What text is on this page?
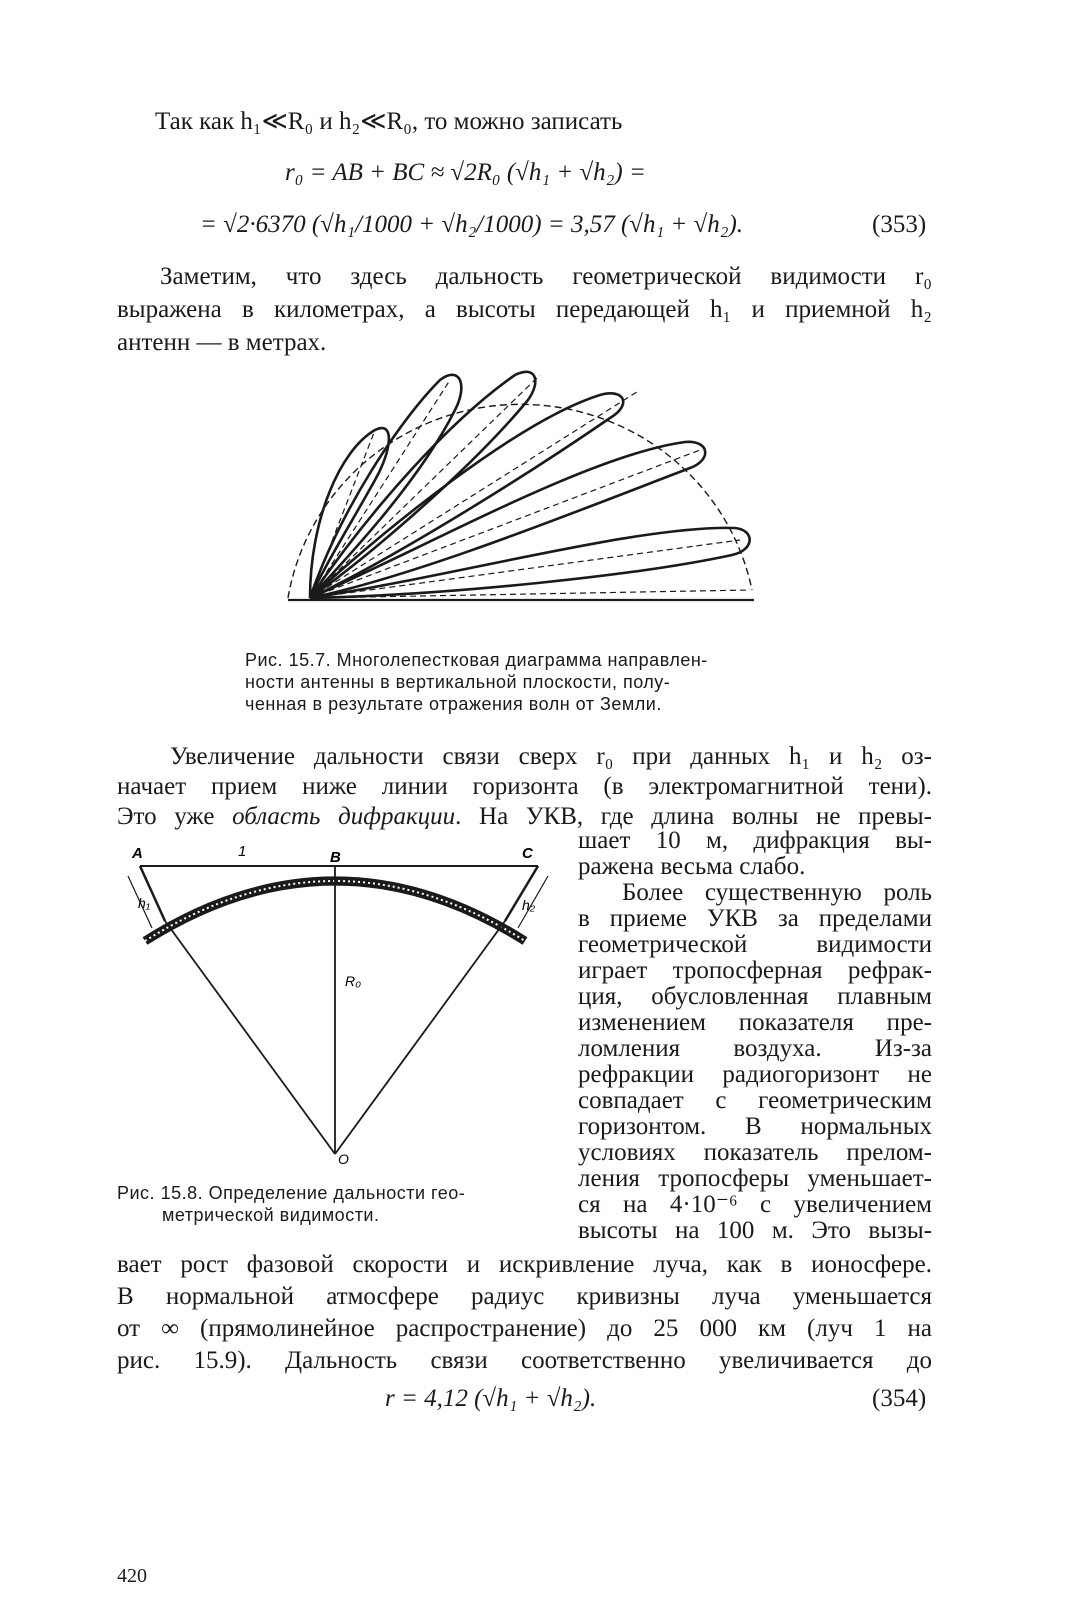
Так как h₁≪R₀ и h₂≪R₀, то можно записать
r₀ = AB + BC ≈ √2R₀ (√h₁ + √h₂) =
= √2·6370 (√h₁/1000 + √h₂/1000) = 3,57 (√h₁ + √h₂).	(353)
Заметим, что здесь дальность геометрической видимости r₀
выражена в километрах, а высоты передающей h₁ и приемной h₂
антенн — в метрах.
Рис. 15.7. Многолепестковая диаграмма направлен-
ности антенны в вертикальной плоскости, полу-
ченная в результате отражения волн от Земли.
Увеличение дальности связи сверх r₀ при данных h₁ и h₂ оз-
начает прием ниже линии горизонта (в электромагнитной тени).
Это уже область дифракции. На УКВ, где длина волны не превы-
A	1	B	C
h₁	h₂
R₀
O
Рис. 15.8. Определение дальности гео-
метрической видимости.
шает 10 м, дифракция вы-
ражена весьма слабо.
Более существенную роль
в приеме УКВ за пределами
геометрической видимости
играет тропосферная рефрак-
ция, обусловленная плавным
изменением показателя пре-
ломления воздуха. Из-за
рефракции радиогоризонт не
совпадает с геометрическим
горизонтом. В нормальных
условиях показатель прелом-
ления тропосферы уменьшает-
ся на 4·10⁻⁶ с увеличением
высоты на 100 м. Это вызы-
вает рост фазовой скорости и искривление луча, как в ионосфере.
В нормальной атмосфере радиус кривизны луча уменьшается
от ∞ (прямолинейное распространение) до 25 000 км (луч 1 на
рис. 15.9). Дальность связи соответственно увеличивается до
r = 4,12 (√h₁ + √h₂).	(354)
420
